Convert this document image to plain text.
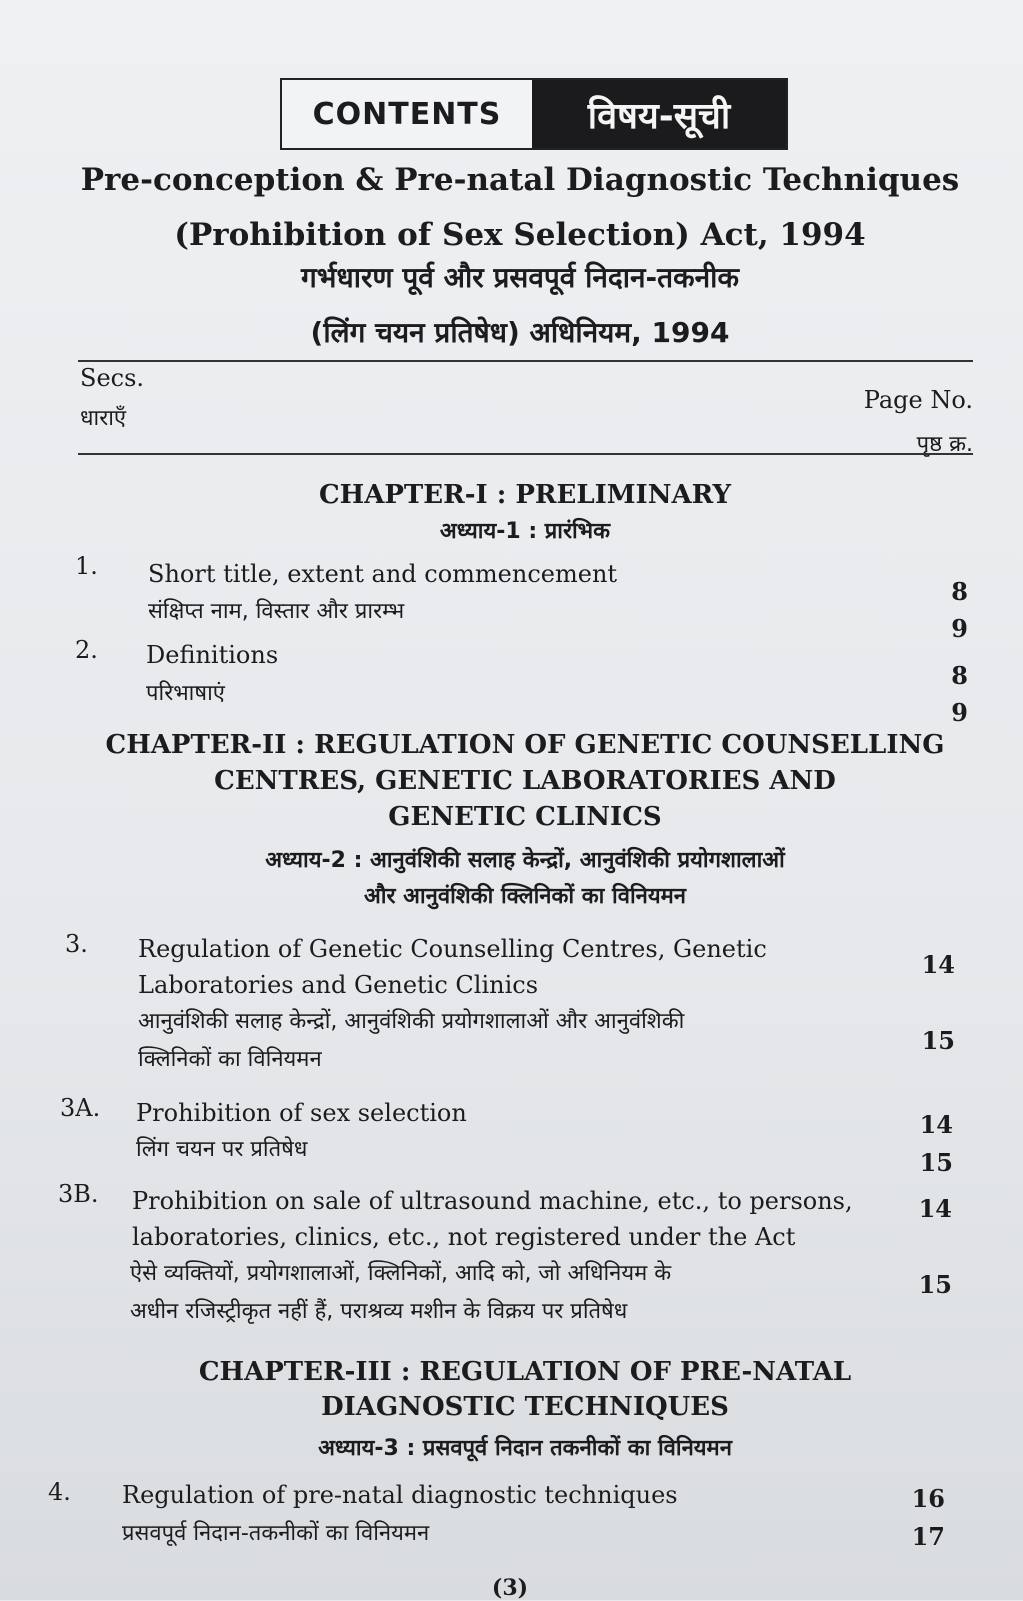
CONTENTS	विषय-सूची
Pre-conception & Pre-natal Diagnostic Techniques
(Prohibition of Sex Selection) Act, 1994
गर्भधारण पूर्व और प्रसवपूर्व निदान-तकनीक
(लिंग चयन प्रतिषेध) अधिनियम, 1994
Secs.
धाराएँ
Page No.
पृष्ठ क्र.
CHAPTER-I : PRELIMINARY
अध्याय-1 : प्रारंभिक
1. Short title, extent and commencement
संक्षिप्त नाम, विस्तार और प्रारम्भ
8
9
2. Definitions
परिभाषाएं
8
9
CHAPTER-II : REGULATION OF GENETIC COUNSELLING
CENTRES, GENETIC LABORATORIES AND
GENETIC CLINICS
अध्याय-2 : आनुवंशिकी सलाह केन्द्रों, आनुवंशिकी प्रयोगशालाओं
और आनुवंशिकी क्लिनिकों का विनियमन
3. Regulation of Genetic Counselling Centres, Genetic
Laboratories and Genetic Clinics
आनुवंशिकी सलाह केन्द्रों, आनुवंशिकी प्रयोगशालाओं और आनुवंशिकी
क्लिनिकों का विनियमन
14
15
3A. Prohibition of sex selection
लिंग चयन पर प्रतिषेध
14
15
3B. Prohibition on sale of ultrasound machine, etc., to persons,
laboratories, clinics, etc., not registered under the Act
ऐसे व्यक्तियों, प्रयोगशालाओं, क्लिनिकों, आदि को, जो अधिनियम के
अधीन रजिस्ट्रीकृत नहीं हैं, पराश्रव्य मशीन के विक्रय पर प्रतिषेध
14
15
CHAPTER-III : REGULATION OF PRE-NATAL
DIAGNOSTIC TECHNIQUES
अध्याय-3 : प्रसवपूर्व निदान तकनीकों का विनियमन
4. Regulation of pre-natal diagnostic techniques
प्रसवपूर्व निदान-तकनीकों का विनियमन
16
17
(3)
